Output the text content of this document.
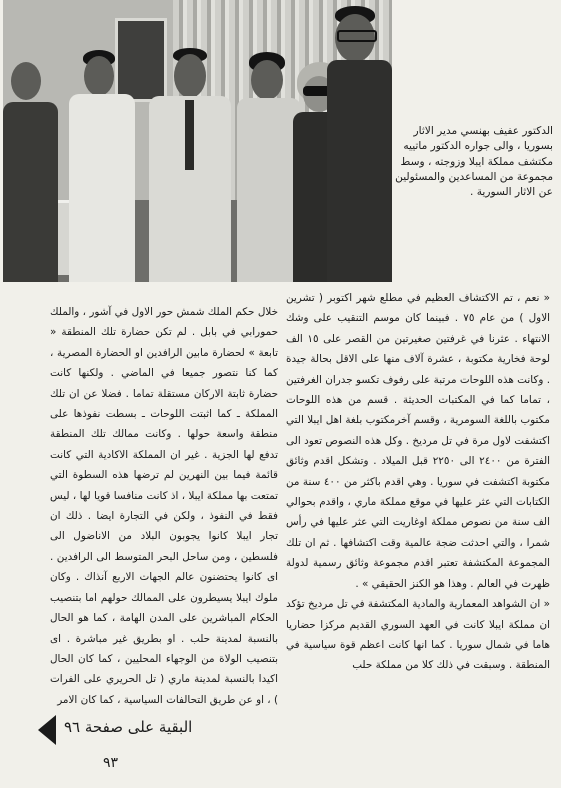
الدكتور عفيف بهنسي مدير الاثار بسوريا ، والى جواره الدكتور ماتييه مكتشف مملكة ايبلا وزوجته ، وسط مجموعة من المساعدين والمسئولين عن الاثار السورية .

« نعم ، تم الاكتشاف العظيم في مطلع شهر اكتوبر ( تشرين الاول ) من عام ٧٥ . فبينما كان موسم التنقيب على وشك الانتهاء . عثرنا في غرفتين صغيرتين من القصر على ١٥ الف لوحة فخارية مكتوبة ، عشرة آلاف منها على الاقل بحالة جيدة . وكانت هذه اللوحات مرتبة على رفوف تكسو جدران الغرفتين ، تماما كما في المكتبات الحديثة . قسم من هذه اللوحات مكتوب باللغة السومرية ، وقسم آخرمكتوب بلغة اهل ايبلا التي اكتشفت لاول مرة في تل مرديخ . وكل هذه النصوص تعود الى الفترة من ٢٤٠٠ الى ٢٢٥٠ قبل الميلاد . وتشكل اقدم وثائق مكتوبة اكتشفت في سوريا . وهي اقدم باكثر من ٤٠٠ سنة من الكتابات التي عثر عليها في موقع مملكة ماري ، واقدم بحوالي الف سنة من نصوص مملكة اوغاريت التي عثر عليها في رأس شمرا ، والتي احدثت ضجة عالمية وقت اكتشافها . ثم ان تلك المجموعة المكتشفة تعتبر اقدم مجموعة وثائق رسمية لدولة ظهرت في العالم . وهذا هو الكنز الحقيقي » .

« ان الشواهد المعمارية والمادية المكتشفة في تل مرديخ تؤكد ان مملكة ايبلا كانت في العهد السوري القديم مركزا حضاريا هاما في شمال سوريا . كما انها كانت اعظم قوة سياسية في المنطقة . وسبقت في ذلك كلا من مملكة حلب

خلال حكم الملك شمش حور الاول في آشور ، والملك حمورابي في بابل . لم تكن حضارة تلك المنطقة « تابعة » لحضارة مابين الرافدين او الحضارة المصرية ، كما كنا نتصور جميعا في الماضي . ولكنها كانت حضارة ثابتة الاركان مستقلة تماما . فضلا عن ان تلك المملكة ـ كما اثبتت اللوحات ـ بسطت نفوذها على منطقة واسعة حولها . وكانت ممالك تلك المنطقة تدفع لها الجزية . غير ان المملكة الاكادية التي كانت قائمة فيما بين النهرين لم ترضها هذه السطوة التي تمتعت بها مملكة ايبلا ، اذ كانت منافسا قويا لها ، ليس فقط في النفوذ ، ولكن في التجارة ايضا . ذلك ان تجار ايبلا كانوا يجوبون البلاد من الاناضول الى فلسطين ، ومن ساحل البحر المتوسط الى الرافدين . اى كانوا يحتضنون عالم الجهات الاربع آنذاك . وكان ملوك ايبلا يسيطرون على الممالك حولهم اما بتنصيب الحكام المباشرين على المدن الهامة ، كما هو الحال بالنسبة لمدينة حلب . او بطريق غير مباشرة . اى بتنصيب الولاة من الوجهاء المحليين ، كما كان الحال اكيدا بالنسبة لمدينة ماري ( تل الحريري على الفرات ) ، او عن طريق التحالفات السياسية ، كما كان الامر

البقية على صفحة ٩٦
٩٣
